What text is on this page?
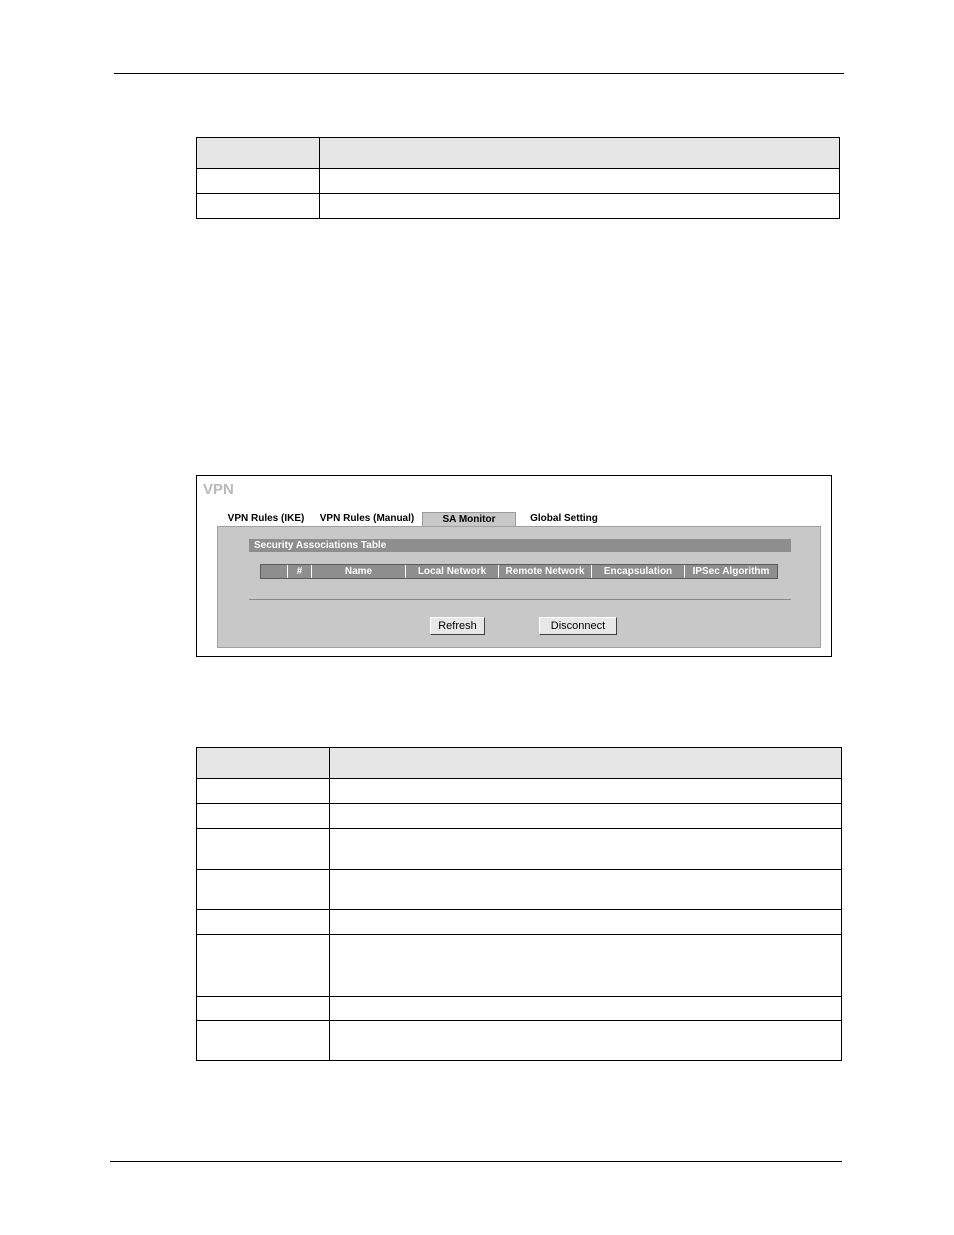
VPN
VPN Rules (IKE)	VPN Rules (Manual)	SA Monitor	Global Setting
Security Associations Table
#	Name	Local Network	Remote Network	Encapsulation	IPSec Algorithm
Refresh	Disconnect
